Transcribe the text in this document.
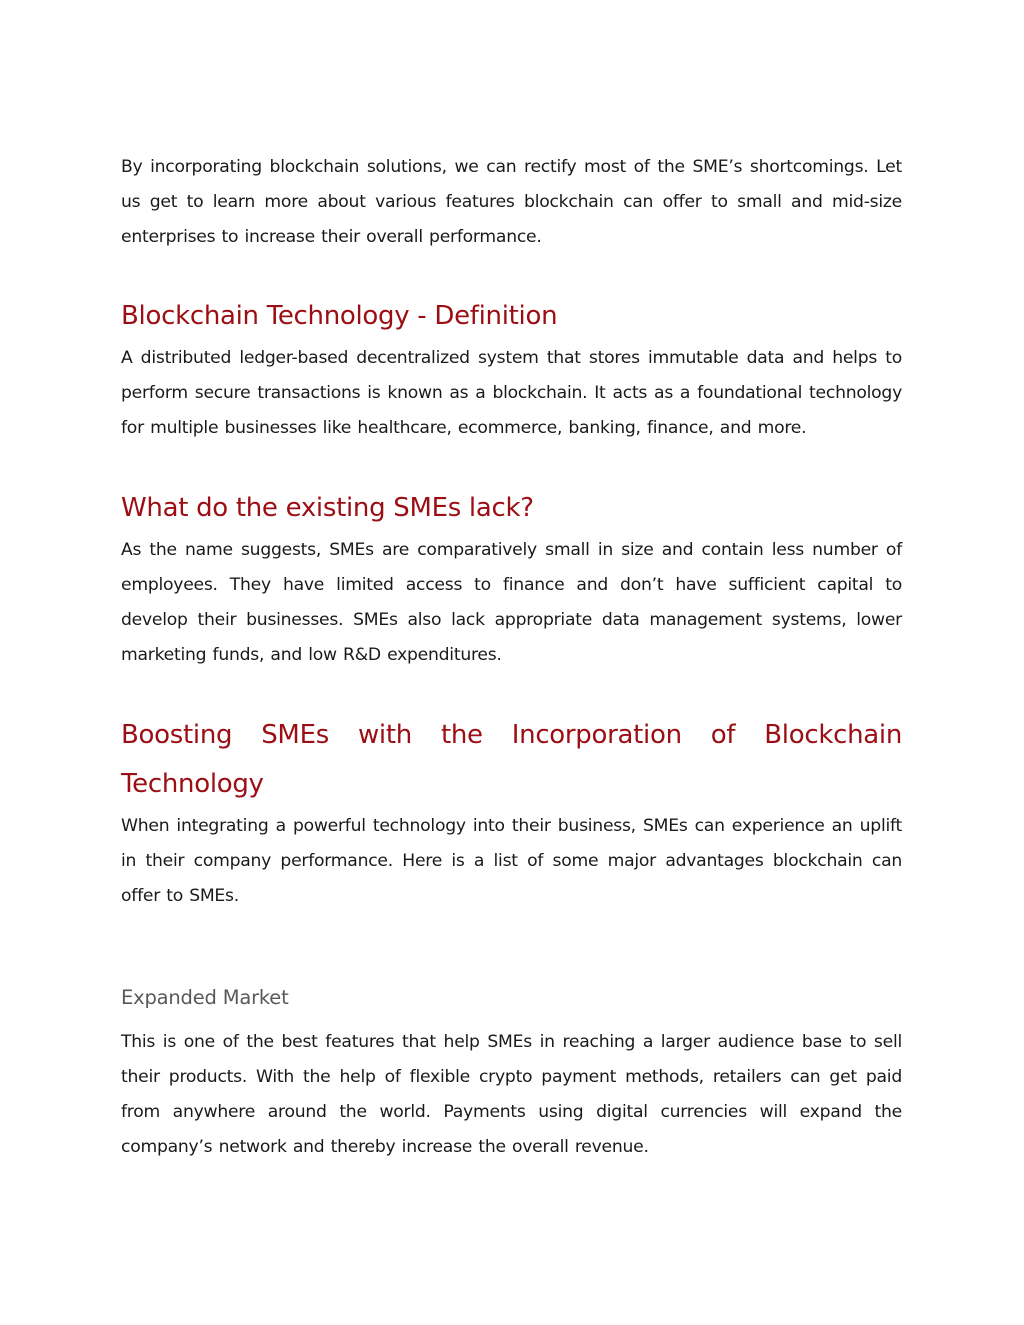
By incorporating blockchain solutions, we can rectify most of the SME’s shortcomings. Let us get to learn more about various features blockchain can offer to small and mid-size enterprises to increase their overall performance.

Blockchain Technology - Definition

A distributed ledger-based decentralized system that stores immutable data and helps to perform secure transactions is known as a blockchain. It acts as a foundational technology for multiple businesses like healthcare, ecommerce, banking, finance, and more.

What do the existing SMEs lack?

As the name suggests, SMEs are comparatively small in size and contain less number of employees. They have limited access to finance and don’t have sufficient capital to develop their businesses. SMEs also lack appropriate data management systems, lower marketing funds, and low R&D expenditures.

Boosting SMEs with the Incorporation of Blockchain Technology

When integrating a powerful technology into their business, SMEs can experience an uplift in their company performance. Here is a list of some major advantages blockchain can offer to SMEs.

Expanded Market

This is one of the best features that help SMEs in reaching a larger audience base to sell their products. With the help of flexible crypto payment methods, retailers can get paid from anywhere around the world. Payments using digital currencies will expand the company’s network and thereby increase the overall revenue.
